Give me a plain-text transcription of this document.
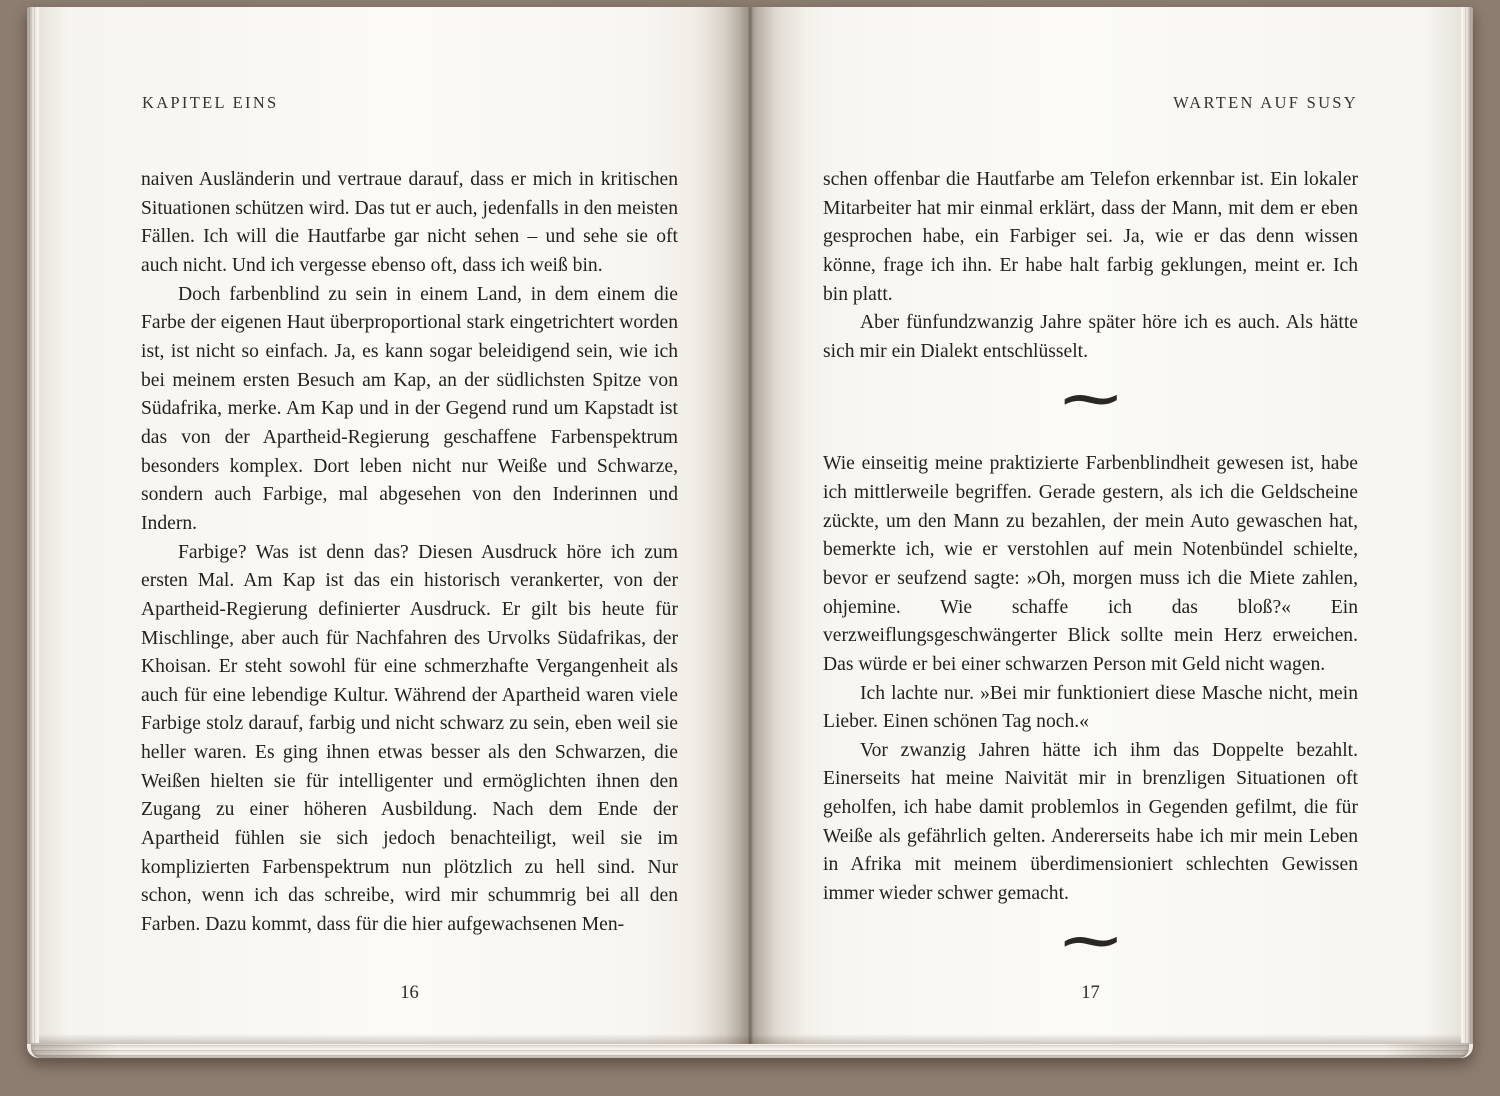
KAPITEL EINS

naiven Ausländerin und vertraue darauf, dass er mich in kritischen Situationen schützen wird. Das tut er auch, jedenfalls in den meisten Fällen. Ich will die Hautfarbe gar nicht sehen – und sehe sie oft auch nicht. Und ich vergesse ebenso oft, dass ich weiß bin.

Doch farbenblind zu sein in einem Land, in dem einem die Farbe der eigenen Haut überproportional stark eingetrichtert worden ist, ist nicht so einfach. Ja, es kann sogar beleidigend sein, wie ich bei meinem ersten Besuch am Kap, an der südlichsten Spitze von Südafrika, merke. Am Kap und in der Gegend rund um Kapstadt ist das von der Apartheid-Regierung geschaffene Farbenspektrum besonders komplex. Dort leben nicht nur Weiße und Schwarze, sondern auch Farbige, mal abgesehen von den Inderinnen und Indern.

Farbige? Was ist denn das? Diesen Ausdruck höre ich zum ersten Mal. Am Kap ist das ein historisch verankerter, von der Apartheid-Regierung definierter Ausdruck. Er gilt bis heute für Mischlinge, aber auch für Nachfahren des Urvolks Südafrikas, der Khoisan. Er steht sowohl für eine schmerzhafte Vergangenheit als auch für eine lebendige Kultur. Während der Apartheid waren viele Farbige stolz darauf, farbig und nicht schwarz zu sein, eben weil sie heller waren. Es ging ihnen etwas besser als den Schwarzen, die Weißen hielten sie für intelligenter und ermöglichten ihnen den Zugang zu einer höheren Ausbildung. Nach dem Ende der Apartheid fühlen sie sich jedoch benachteiligt, weil sie im komplizierten Farbenspektrum nun plötzlich zu hell sind. Nur schon, wenn ich das schreibe, wird mir schummrig bei all den Farben. Dazu kommt, dass für die hier aufgewachsenen Men-

16
WARTEN AUF SUSY

schen offenbar die Hautfarbe am Telefon erkennbar ist. Ein lokaler Mitarbeiter hat mir einmal erklärt, dass der Mann, mit dem er eben gesprochen habe, ein Farbiger sei. Ja, wie er das denn wissen könne, frage ich ihn. Er habe halt farbig geklungen, meint er. Ich bin platt.

Aber fünfundzwanzig Jahre später höre ich es auch. Als hätte sich mir ein Dialekt entschlüsselt.

~

Wie einseitig meine praktizierte Farbenblindheit gewesen ist, habe ich mittlerweile begriffen. Gerade gestern, als ich die Geldscheine zückte, um den Mann zu bezahlen, der mein Auto gewaschen hat, bemerkte ich, wie er verstohlen auf mein Notenbündel schielte, bevor er seufzend sagte: »Oh, morgen muss ich die Miete zahlen, ohjemine. Wie schaffe ich das bloß?« Ein verzweiflungsgeschwängerter Blick sollte mein Herz erweichen. Das würde er bei einer schwarzen Person mit Geld nicht wagen.

Ich lachte nur. »Bei mir funktioniert diese Masche nicht, mein Lieber. Einen schönen Tag noch.«

Vor zwanzig Jahren hätte ich ihm das Doppelte bezahlt. Einerseits hat meine Naivität mir in brenzligen Situationen oft geholfen, ich habe damit problemlos in Gegenden gefilmt, die für Weiße als gefährlich gelten. Andererseits habe ich mir mein Leben in Afrika mit meinem überdimensioniert schlechten Gewissen immer wieder schwer gemacht.

~
17
